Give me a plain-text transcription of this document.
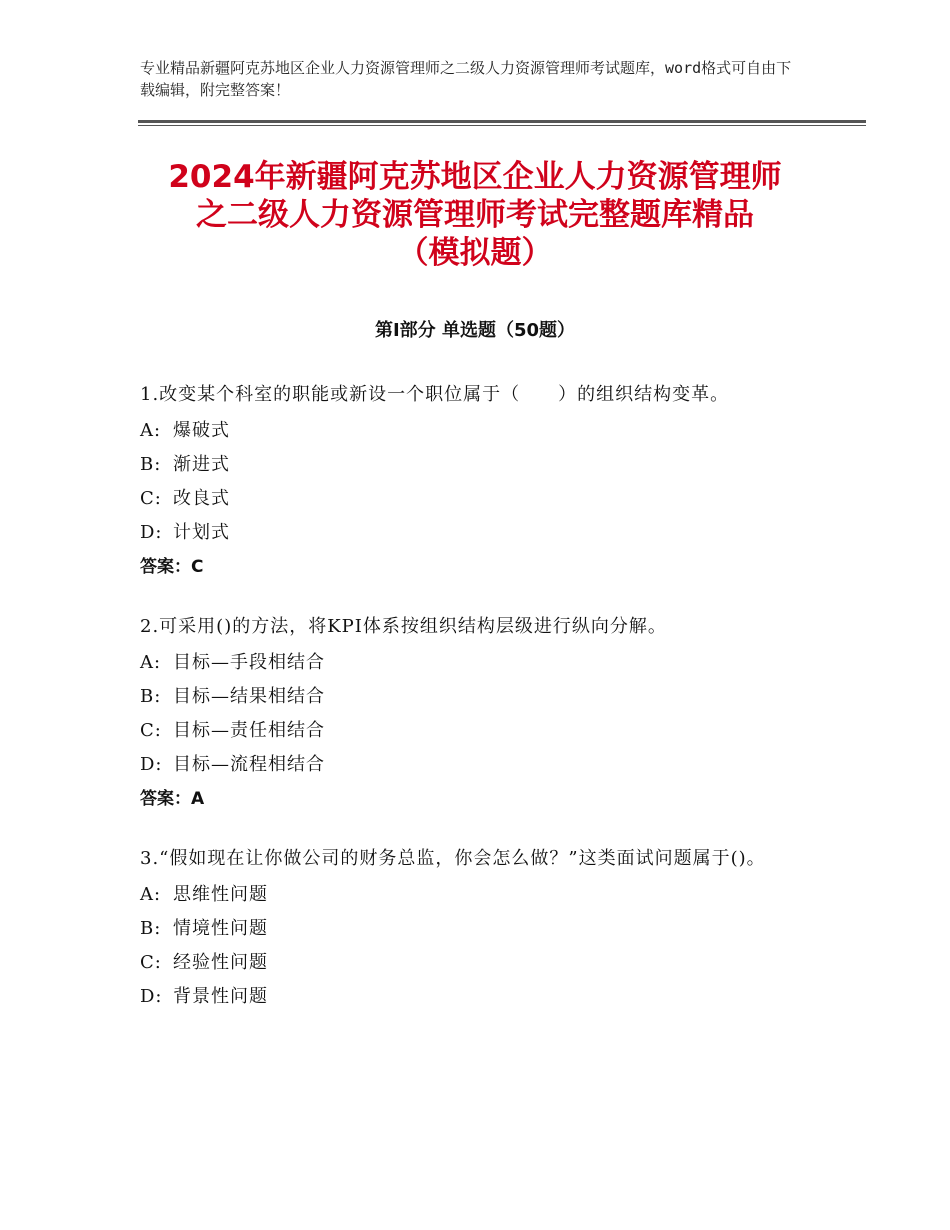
专业精品新疆阿克苏地区企业人力资源管理师之二级人力资源管理师考试题库，word格式可自由下载编辑，附完整答案！
2024年新疆阿克苏地区企业人力资源管理师
之二级人力资源管理师考试完整题库精品
（模拟题）
第Ⅰ部分 单选题（50题）

1.改变某个科室的职能或新设一个职位属于（　　）的组织结构变革。

A: 爆破式

B: 渐进式

C: 改良式

D: 计划式

答案：C

2.可采用()的方法，将KPI体系按组织结构层级进行纵向分解。

A: 目标—手段相结合

B: 目标—结果相结合

C: 目标—责任相结合

D: 目标—流程相结合

答案：A

3.“假如现在让你做公司的财务总监，你会怎么做？”这类面试问题属于()。

A: 思维性问题

B: 情境性问题

C: 经验性问题

D: 背景性问题
